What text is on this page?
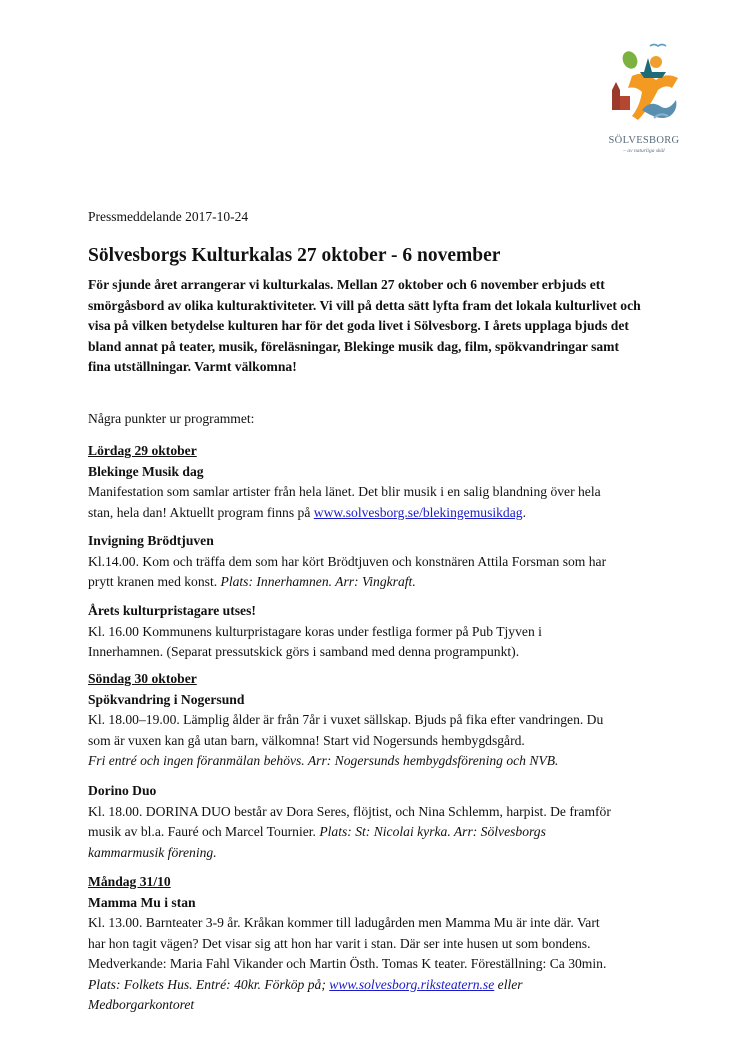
SÖLVESBORG
– av naturliga skäl
Pressmeddelande 2017-10-24
Sölvesborgs Kulturkalas 27 oktober - 6 november
För sjunde året arrangerar vi kulturkalas. Mellan 27 oktober och 6 november erbjuds ett
smörgåsbord av olika kulturaktiviteter. Vi vill på detta sätt lyfta fram det lokala kulturlivet och
visa på vilken betydelse kulturen har för det goda livet i Sölvesborg. I årets upplaga bjuds det
bland annat på teater, musik, föreläsningar, Blekinge musik dag, film, spökvandringar samt
fina utställningar. Varmt välkomna!
Några punkter ur programmet:
Lördag 29 oktober
Blekinge Musik dag
Manifestation som samlar artister från hela länet. Det blir musik i en salig blandning över hela
stan, hela dan! Aktuellt program finns på www.solvesborg.se/blekingemusikdag.
Invigning Brödtjuven
Kl.14.00. Kom och träffa dem som har kört Brödtjuven och konstnären Attila Forsman som har
prytt kranen med konst. Plats: Innerhamnen. Arr: Vingkraft.
Årets kulturpristagare utses!
Kl. 16.00 Kommunens kulturpristagare koras under festliga former på Pub Tjyven i
Innerhamnen. (Separat pressutskick görs i samband med denna programpunkt).
Söndag 30 oktober
Spökvandring i Nogersund
Kl. 18.00–19.00. Lämplig ålder är från 7år i vuxet sällskap. Bjuds på fika efter vandringen. Du
som är vuxen kan gå utan barn, välkomna! Start vid Nogersunds hembygdsgård.
Fri entré och ingen föranmälan behövs. Arr: Nogersunds hembygdsförening och NVB.
Dorino Duo
Kl. 18.00. DORINA DUO består av Dora Seres, flöjtist, och Nina Schlemm, harpist. De framför
musik av bl.a. Fauré och Marcel Tournier. Plats: St: Nicolai kyrka. Arr: Sölvesborgs
kammarmusik förening.
Måndag 31/10
Mamma Mu i stan
Kl. 13.00. Barnteater 3-9 år. Kråkan kommer till ladugården men Mamma Mu är inte där. Vart
har hon tagit vägen? Det visar sig att hon har varit i stan. Där ser inte husen ut som bondens.
Medverkande: Maria Fahl Vikander och Martin Östh. Tomas K teater. Föreställning: Ca 30min.
Plats: Folkets Hus. Entré: 40kr. Förköp på; www.solvesborg.riksteatern.se eller
Medborgarkontoret
